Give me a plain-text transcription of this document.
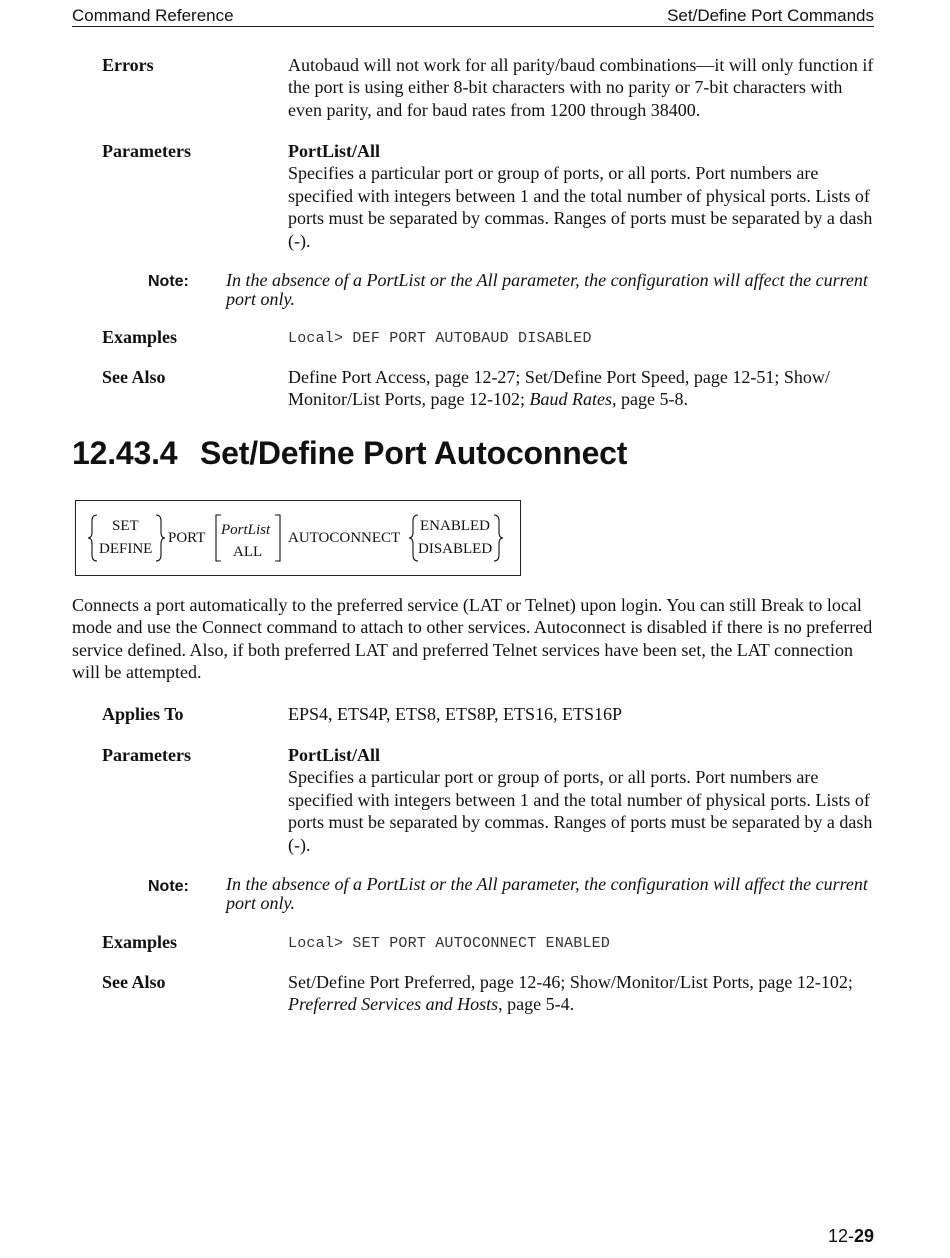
Command Reference	Set/Define Port Commands
Errors	Autobaud will not work for all parity/baud combinations—it will only function if the port is using either 8-bit characters with no parity or 7-bit characters with even parity, and for baud rates from 1200 through 38400.
Parameters	PortList/All
Specifies a particular port or group of ports, or all ports. Port numbers are specified with integers between 1 and the total number of physical ports. Lists of ports must be separated by commas. Ranges of ports must be separated by a dash (-).
Note: In the absence of a PortList or the All parameter, the configuration will affect the current port only.
Examples	Local> DEF PORT AUTOBAUD DISABLED
See Also	Define Port Access, page 12-27; Set/Define Port Speed, page 12-51; Show/ Monitor/List Ports, page 12-102; Baud Rates, page 5-8.
12.43.4 Set/Define Port Autoconnect
SET
DEFINE
PORT PortList
ALL
AUTOCONNECT
ENABLED
DISABLED
Connects a port automatically to the preferred service (LAT or Telnet) upon login. You can still Break to local mode and use the Connect command to attach to other services. Autoconnect is disabled if there is no preferred service defined. Also, if both preferred LAT and preferred Telnet services have been set, the LAT connection will be attempted.
Applies To	EPS4, ETS4P, ETS8, ETS8P, ETS16, ETS16P
Parameters	PortList/All
Specifies a particular port or group of ports, or all ports. Port numbers are specified with integers between 1 and the total number of physical ports. Lists of ports must be separated by commas. Ranges of ports must be separated by a dash (-).
Note: In the absence of a PortList or the All parameter, the configuration will affect the current port only.
Examples	Local> SET PORT AUTOCONNECT ENABLED
See Also	Set/Define Port Preferred, page 12-46; Show/Monitor/List Ports, page 12-102; Preferred Services and Hosts, page 5-4.
12-29
